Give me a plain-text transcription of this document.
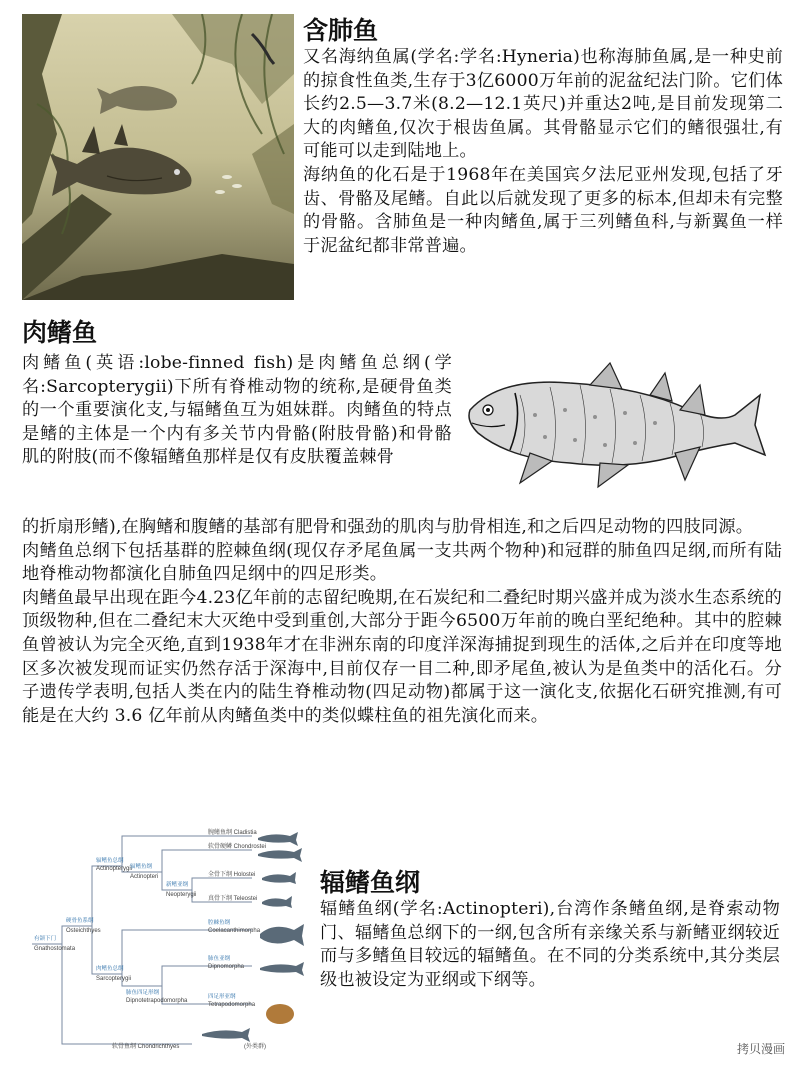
含肺鱼

又名海纳鱼属(学名:学名:Hyneria)也称海肺鱼属,是一种史前的掠食性鱼类,生存于3亿6000万年前的泥盆纪法门阶。它们体长约2.5—3.7米(8.2—12.1英尺)并重达2吨,是目前发现第二大的肉鳍鱼,仅次于根齿鱼属。其骨骼显示它们的鳍很强壮,有可能可以走到陆地上。

海纳鱼的化石是于1968年在美国宾夕法尼亚州发现,包括了牙齿、骨骼及尾鳍。自此以后就发现了更多的标本,但却未有完整的骨骼。含肺鱼是一种肉鳍鱼,属于三列鳍鱼科,与新翼鱼一样于泥盆纪都非常普遍。

肉鳍鱼

肉鳍鱼(英语:lobe-finned fish)是肉鳍鱼总纲(学名:Sarcopterygii)下所有脊椎动物的统称,是硬骨鱼类的一个重要演化支,与辐鳍鱼互为姐妹群。肉鳍鱼的特点是鳍的主体是一个内有多关节内骨骼(附肢骨骼)和骨骼肌的附肢(而不像辐鳍鱼那样是仅有皮肤覆盖棘骨

的折扇形鳍),在胸鳍和腹鳍的基部有肥骨和强劲的肌肉与肋骨相连,和之后四足动物的四肢同源。

肉鳍鱼总纲下包括基群的腔棘鱼纲(现仅存矛尾鱼属一支共两个物种)和冠群的肺鱼四足纲,而所有陆地脊椎动物都演化自肺鱼四足纲中的四足形类。

肉鳍鱼最早出现在距今4.23亿年前的志留纪晚期,在石炭纪和二叠纪时期兴盛并成为淡水生态系统的顶级物种,但在二叠纪末大灭绝中受到重创,大部分于距今6500万年前的晚白垩纪绝种。其中的腔棘鱼曾被认为完全灭绝,直到1938年才在非洲东南的印度洋深海捕捉到现生的活体,之后并在印度等地区多次被发现而证实仍然存活于深海中,目前仅存一目二种,即矛尾鱼,被认为是鱼类中的活化石。分子遗传学表明,包括人类在内的陆生脊椎动物(四足动物)都属于这一演化支,依据化石研究推测,有可能是在大约 3.6 亿年前从肉鳍鱼类中的类似蝶柱鱼的祖先演化而来。

有颌下门
Gnathostomata
硬骨鱼系纲
Osteichthyes
辐鳍鱼总纲
Actinopterygii
辐鳍鱼纲
Actinopteri
新鳍亚纲
Neopterygii
肉鳍鱼总纲
Sarcopterygii
肺鱼四足形纲
Dipnotetrapodomorpha
腕鳍鱼纲 Cladistia
软骨硬鳞 Chondrostei
全骨下纲 Holostei
真骨下纲 Teleostei
腔棘鱼纲
Coelacanthimorpha
肺鱼亚纲
Dipnomorpha
四足形亚纲
Tetrapodomorpha
软骨鱼纲 Chondrichthyes	(外类群)
辐鳍鱼纲

辐鳍鱼纲(学名:Actinopteri),台湾作条鳍鱼纲,是脊索动物门、辐鳍鱼总纲下的一纲,包含所有亲缘关系与新鳍亚纲较近而与多鳍鱼目较远的辐鳍鱼。在不同的分类系统中,其分类层级也被设定为亚纲或下纲等。

拷贝漫画
